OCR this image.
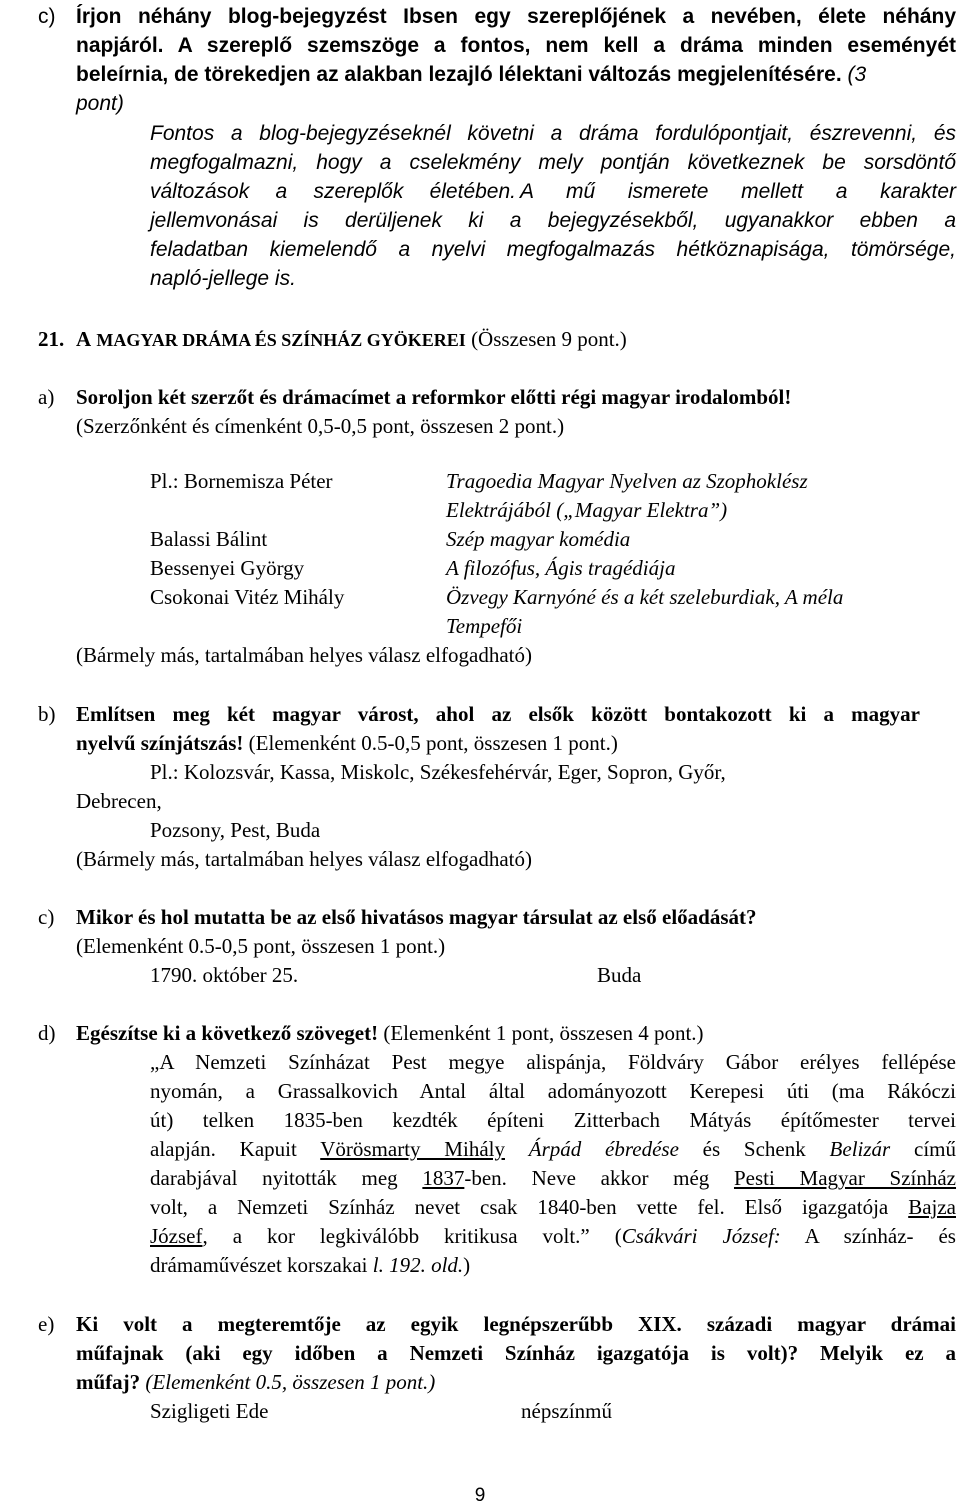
c) Írjon néhány blog-bejegyzést Ibsen egy szereplőjének a nevében, élete néhány
napjáról. A szereplő szemszöge a fontos, nem kell a dráma minden eseményét
beleírnia, de törekedjen az alakban lezajló lélektani változás megjelenítésére. (3
pont)
Fontos a blog-bejegyzéseknél követni a dráma fordulópontjait, észrevenni, és
megfogalmazni, hogy a cselekmény mely pontján következnek be sorsdöntő
változások a szereplők életében. A mű ismerete mellett a karakter
jellemvonásai is derüljenek ki a bejegyzésekből, ugyanakkor ebben a
feladatban kiemelendő a nyelvi megfogalmazás hétköznapisága, tömörsége,
napló-jellege is.
21. A MAGYAR DRÁMA ÉS SZÍNHÁZ GYÖKEREI (Összesen 9 pont.)
a) Soroljon két szerzőt és drámacímet a reformkor előtti régi magyar irodalomból!
(Szerzőnként és címenként 0,5-0,5 pont, összesen 2 pont.)
Pl.: Bornemisza Péter	Tragoedia Magyar Nyelven az Szophoklész
Elektrájából („Magyar Elektra”)
Balassi Bálint	Szép magyar komédia
Bessenyei György	A filozófus, Ágis tragédiája
Csokonai Vitéz Mihály	Özvegy Karnyóné és a két szeleburdiak, A méla
Tempefői
(Bármely más, tartalmában helyes válasz elfogadható)
b) Említsen meg két magyar várost, ahol az elsők között bontakozott ki a magyar
nyelvű színjátszás! (Elemenként 0.5-0,5 pont, összesen 1 pont.)
Pl.: Kolozsvár, Kassa, Miskolc, Székesfehérvár, Eger, Sopron, Győr,
Debrecen,
Pozsony, Pest, Buda
(Bármely más, tartalmában helyes válasz elfogadható)
c) Mikor és hol mutatta be az első hivatásos magyar társulat az első előadását?
(Elemenként 0.5-0,5 pont, összesen 1 pont.)
1790. október 25.	Buda
d) Egészítse ki a következő szöveget! (Elemenként 1 pont, összesen 4 pont.)
„A Nemzeti Színházat Pest megye alispánja, Földváry Gábor erélyes fellépése
nyomán, a Grassalkovich Antal által adományozott Kerepesi úti (ma Rákóczi
út) telken 1835-ben kezdték építeni Zitterbach Mátyás építőmester tervei
alapján. Kapuit Vörösmarty Mihály Árpád ébredése és Schenk Belizár című
darabjával nyitották meg 1837-ben. Neve akkor még Pesti Magyar Színház
volt, a Nemzeti Színház nevet csak 1840-ben vette fel. Első igazgatója Bajza
József, a kor legkiválóbb kritikusa volt.” (Csákvári József: A színház- és
drámaművészet korszakai l. 192. old.)
e) Ki volt a megteremtője az egyik legnépszerűbb XIX. századi magyar drámai
műfajnak (aki egy időben a Nemzeti Színház igazgatója is volt)? Melyik ez a
műfaj? (Elemenként 0.5, összesen 1 pont.)
Szigligeti Ede	népszínmű
9
